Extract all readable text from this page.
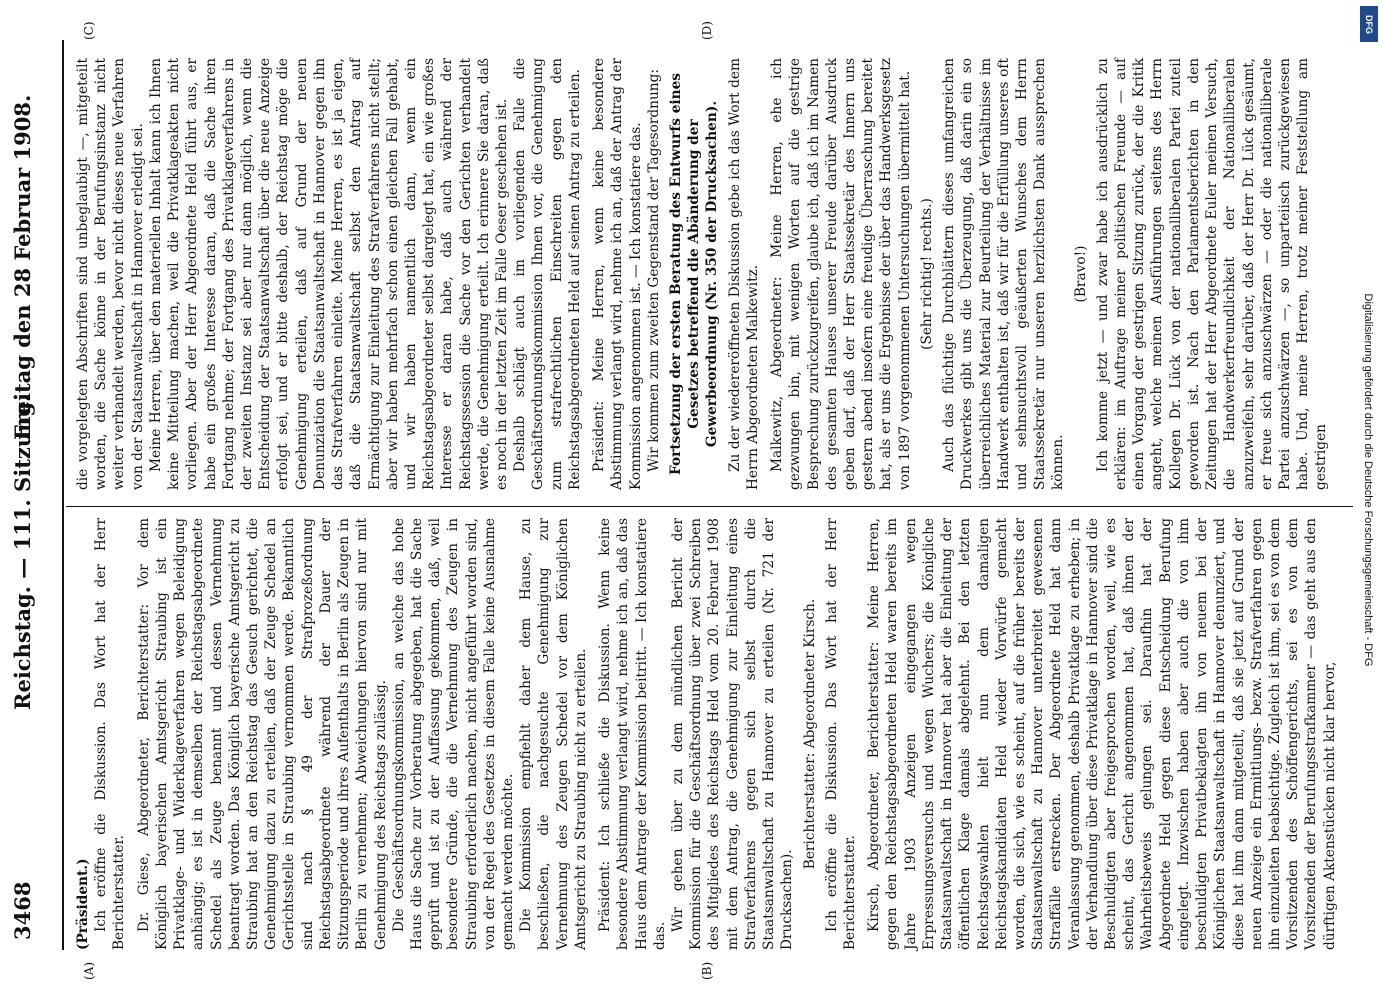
3468
Reichstag. — 111. Sitzung.
Freitag den 28 Februar 1908.
(A)	(B)
(C)	(D)

(Präsident.) Ich eröffne die Diskussion. Das Wort hat der Herr Berichterstatter. Dr. Giese, Abgeordneter, Berichterstatter: Vor dem Königlich bayerischen Amtsgericht Straubing ist ein Privatklage- und Widerklageverfahren wegen Beleidigung anhängig; es ist in demselben der Reichstagsabgeordnete Schedel als Zeuge benannt und dessen Vernehmung beantragt worden. Das Königlich bayerische Amtsgericht zu Straubing hat an den Reichstag das Gesuch gerichtet, die Genehmigung dazu zu erteilen, daß der Zeuge Schedel an Gerichtsstelle in Straubing vernommen werde. Bekanntlich sind nach § 49 der Strafprozeßordnung Reichstagsabgeordnete während der Dauer der Sitzungsperiode und ihres Aufenthalts in Berlin als Zeugen in Berlin zu vernehmen; Abweichungen hiervon sind nur mit Genehmigung des Reichstags zulässig. Die Geschäftsordnungskommission, an welche das hohe Haus die Sache zur Vorberatung abgegeben, hat die Sache geprüft und ist zu der Auffassung gekommen, daß, weil besondere Gründe, die die Vernehmung des Zeugen in Straubing erforderlich machen, nicht angeführt worden sind, von der Regel des Gesetzes in diesem Falle keine Ausnahme gemacht werden möchte. Die Kommission empfiehlt daher dem Hause, zu beschließen, die nachgesuchte Genehmigung zur Vernehmung des Zeugen Schedel vor dem Königlichen Amtsgericht zu Straubing nicht zu erteilen. Präsident: Ich schließe die Diskussion. Wenn keine besondere Abstimmung verlangt wird, nehme ich an, daß das Haus dem Antrage der Kommission beitritt. — Ich konstatiere das.

Wir gehen über zu dem mündlichen Bericht der Kommission für die Geschäftsordnung über zwei Schreiben des Mitgliedes des Reichstags Held vom 20. Februar 1908 mit dem Antrag, die Genehmigung zur Einleitung eines Strafverfahrens gegen sich selbst durch die Staatsanwaltschaft zu Hannover zu erteilen (Nr. 721 der Drucksachen).

Berichterstatter: Abgeordneter Kirsch. Ich eröffne die Diskussion. Das Wort hat der Herr Berichterstatter. Kirsch, Abgeordneter, Berichterstatter: Meine Herren, gegen den Reichstagsabgeordneten Held waren bereits im Jahre 1903 Anzeigen eingegangen wegen Erpressungsversuchs und wegen Wuchers; die Königliche Staatsanwaltschaft in Hannover hat aber die Einleitung der öffentlichen Klage damals abgelehnt. Bei den letzten Reichstagswahlen hielt nun dem damaligen Reichstagskandidaten Held wieder Vorwürfe gemacht worden, die sich, wie es scheint, auf die früher bereits der Staatsanwaltschaft zu Hannover unterbreitet gewesenen Straffälle erstrecken. Der Abgeordnete Held hat dann Veranlassung genommen, deshalb Privatklage zu erheben; in der Verhandlung über diese Privatklage in Hannover sind die Beschuldigten aber freigesprochen worden, weil, wie es scheint, das Gericht angenommen hat, daß ihnen der Wahrheitsbeweis gelungen sei. Daraufhin hat der Abgeordnete Held gegen diese Entscheidung Berufung eingelegt. Inzwischen haben aber auch die von ihm beschuldigten Privatbeklagten ihn von neuem bei der Königlichen Staatsanwaltschaft in Hannover denunziert, und diese hat ihm dann mitgeteilt, daß sie jetzt auf Grund der neuen Anzeige ein Ermittlungs- bezw. Strafverfahren gegen ihn einzuleiten beabsichtige. Zugleich ist ihm, sei es von dem Vorsitzenden des Schöffengerichts, sei es von dem Vorsitzenden der Berufungsstrafkammer — das geht aus den dürftigen Aktenstücken nicht klar hervor,

die vorgelegten Abschriften sind unbeglaubigt —, mitgeteilt worden, die Sache könne in der Berufungsinstanz nicht weiter verhandelt werden, bevor nicht dieses neue Verfahren von der Staatsanwaltschaft in Hannover erledigt sei. Meine Herren, über den materiellen Inhalt kann ich Ihnen keine Mitteilung machen, weil die Privatklageakten nicht vorliegen. Aber der Herr Abgeordnete Held führt aus, er habe ein großes Interesse daran, daß die Sache ihren Fortgang nehme; der Fortgang des Privatklageverfahrens in der zweiten Instanz sei aber nur dann möglich, wenn die Entscheidung der Staatsanwaltschaft über die neue Anzeige erfolgt sei, und er bitte deshalb, der Reichstag möge die Genehmigung erteilen, daß auf Grund der neuen Denunziation die Staatsanwaltschaft in Hannover gegen ihn das Strafverfahren einleite. Meine Herren, es ist ja eigen, daß die Staatsanwaltschaft selbst den Antrag auf Ermächtigung zur Einleitung des Strafverfahrens nicht stellt; aber wir haben mehrfach schon einen gleichen Fall gehabt, und wir haben namentlich dann, wenn ein Reichstagsabgeordneter selbst dargelegt hat, ein wie großes Interesse er daran habe, daß auch während der Reichstagssession die Sache vor den Gerichten verhandelt werde, die Genehmigung erteilt. Ich erinnere Sie daran, daß es noch in der letzten Zeit im Falle Oeser geschehen ist. Deshalb schlägt auch im vorliegenden Falle die Geschäftsordnungskommission Ihnen vor, die Genehmigung zum strafrechtlichen Einschreiten gegen den Reichstagsabgeordneten Held auf seinen Antrag zu erteilen. Präsident: Meine Herren, wenn keine besondere Abstimmung verlangt wird, nehme ich an, daß der Antrag der Kommission angenommen ist. — Ich konstatiere das. Wir kommen zum zweiten Gegenstand der Tagesordnung: Fortsetzung der ersten Beratung des Entwurfs eines Gesetzes betreffend die Abänderung der Gewerbeordnung (Nr. 350 der Drucksachen). Zu der wiedereröffneten Diskussion gebe ich das Wort dem Herrn Abgeordneten Malkewitz. Malkewitz, Abgeordneter: Meine Herren, ehe ich gezwungen bin, mit wenigen Worten auf die gestrige Besprechung zurückzugreifen, glaube ich, daß ich im Namen des gesamten Hauses unserer Freude darüber Ausdruck geben darf, daß der Herr Staatssekretär des Innern uns gestern abend insofern eine freudige Überraschung bereitet hat, als er uns die Ergebnisse der über das Handwerksgesetz von 1897 vorgenommenen Untersuchungen übermittelt hat. (Sehr richtig! rechts.) Auch das flüchtige Durchblättern dieses umfangreichen Druckwerkes gibt uns die Überzeugung, daß darin ein so überreichliches Material zur Beurteilung der Verhältnisse im Handwerk enthalten ist, daß wir für die Erfüllung unseres oft und sehnsuchtsvoll geäußerten Wunsches dem Herrn Staatssekretär nur unseren herzlichsten Dank aussprechen können.

(Bravo!) Ich komme jetzt — und zwar habe ich ausdrücklich zu erklären: im Auftrage meiner politischen Freunde — auf einen Vorgang der gestrigen Sitzung zurück, der die Kritik angeht, welche meinen Ausführungen seitens des Herrn Kollegen Dr. Lück von der nationalliberalen Partei zuteil geworden ist. Nach den Parlamentsberichten in den Zeitungen hat der Herr Abgeordnete Euler meinen Versuch, die Handwerkerfreundlichkeit der Nationalliberalen anzuzweifeln, sehr darüber, daß der Herr Dr. Lück gesäumt, er freue sich anzuschwärzen — oder die nationalliberale Partei anzuschwärzen —, so unparteiisch zurückgewiesen habe. Und, meine Herren, trotz meiner Feststellung am gestrigen

DFG
Digitalisierung gefördert durch die Deutsche Forschungsgemeinschaft - DFG
